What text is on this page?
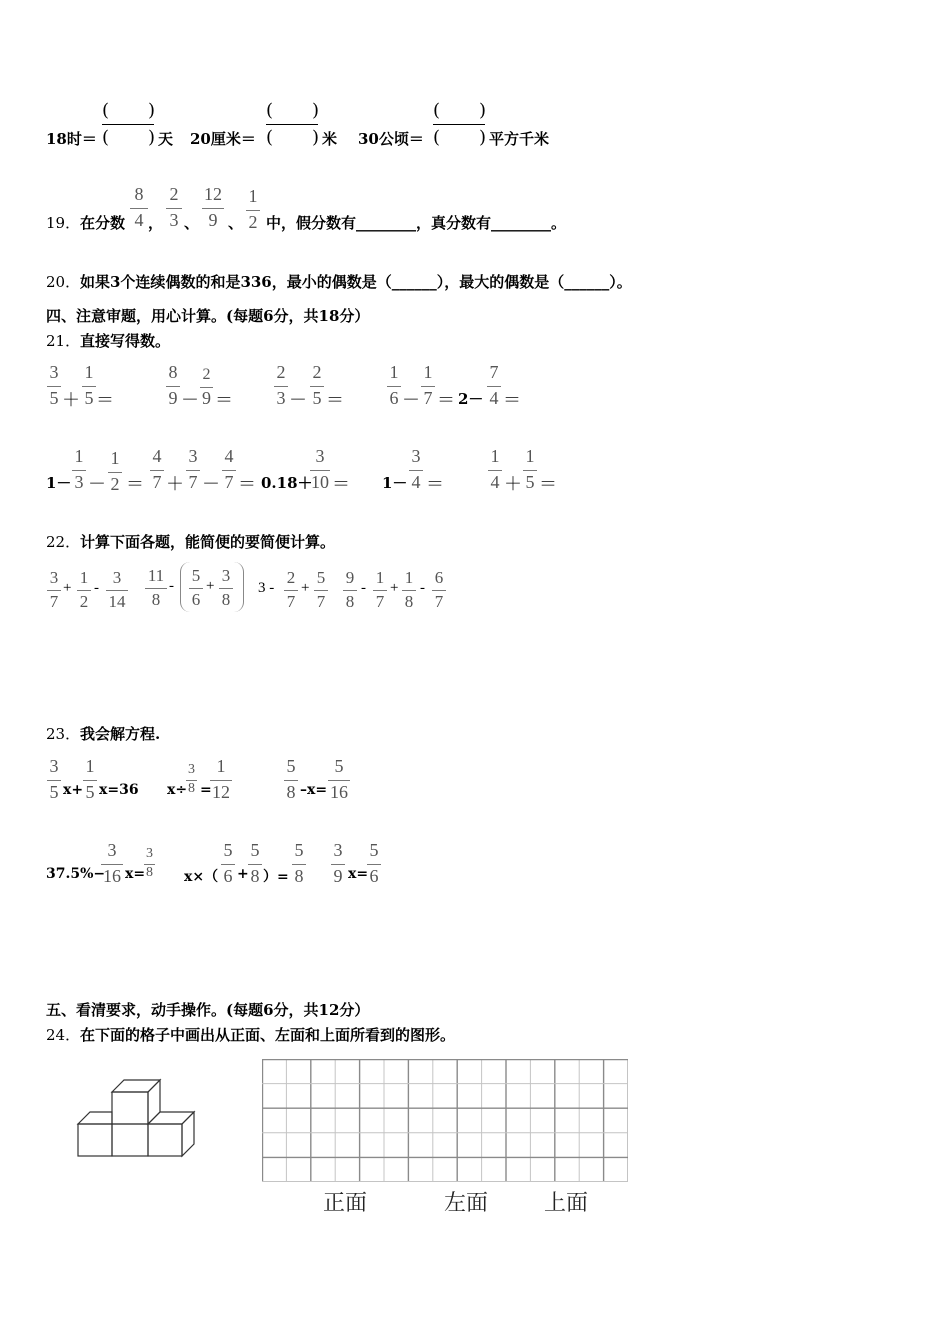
18时＝
( )
( ) 天 20厘米＝
( )
( ) 米 30公顷＝
( )
( ) 平方千米
19． 在分数
8
4 ，
2
3 、
12
9 、
1
2 中，假分数有________，真分数有________。
20． 如果3个连续偶数的和是336，最小的偶数是（______），最大的偶数是（______）。
四、注意审题，用心计算。(每题6分，共18分）
21． 直接写得数。
3
5 ＋
1
5 ＝
8
9 －
2
9 ＝
2
3 －
2
5 ＝
1
6 －
1
7 ＝ 2－
7
4 ＝
1－
1
3 －
1
2 ＝
4
7 ＋
3
7 －
4
7 ＝ 0.18＋
3
10 ＝ 1－
3
4 ＝
1
4 ＋
1
5 ＝
22． 计算下面各题，能简便的要简便计算。
3
7
+
1
2
-
3
14
11
8
-
5
6
+
3
8
3 -
2
7
+
5
7
9
8
-
1
7
+
1
8
-
6
7
23． 我会解方程.
3
5 x+
1
5 x=36 x÷
3
8 =
1
12
5
8 –x=
5
16
37.5%−
3
16 x=
3
8 x×（
5
6 +
5
8 ）=
5
8
3
9 x=
5
6
五、看清要求，动手操作。(每题6分，共12分）
24． 在下面的格子中画出从正面、左面和上面所看到的图形。
正面	左面	上面
